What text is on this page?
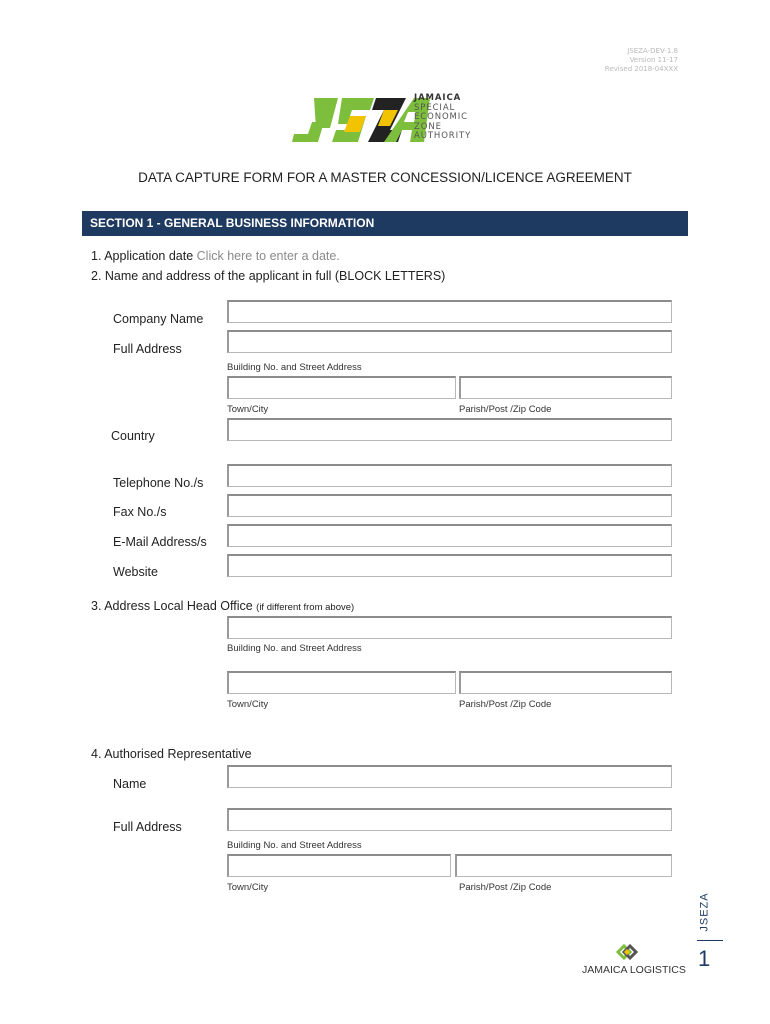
JSEZA-DEV-1.8
Version 11-17
Revised 2018-04XXX
JAMAICA
SPECIAL
ECONOMIC
ZONE
AUTHORITY
DATA CAPTURE FORM FOR A MASTER CONCESSION/LICENCE AGREEMENT
SECTION 1 - GENERAL BUSINESS INFORMATION
1. Application date Click here to enter a date.
2. Name and address of the applicant in full (BLOCK LETTERS)
Company Name
Full Address
Building No. and Street Address
Town/City	Parish/Post /Zip Code
Country
Telephone No./s
Fax No./s
E-Mail Address/s
Website
3. Address Local Head Office (if different from above)
Building No. and Street Address
Town/City	Parish/Post /Zip Code
4. Authorised Representative
Name
Full Address
Building No. and Street Address
Town/City	Parish/Post /Zip Code
JSEZA
1
JAMAICA LOGISTICS
